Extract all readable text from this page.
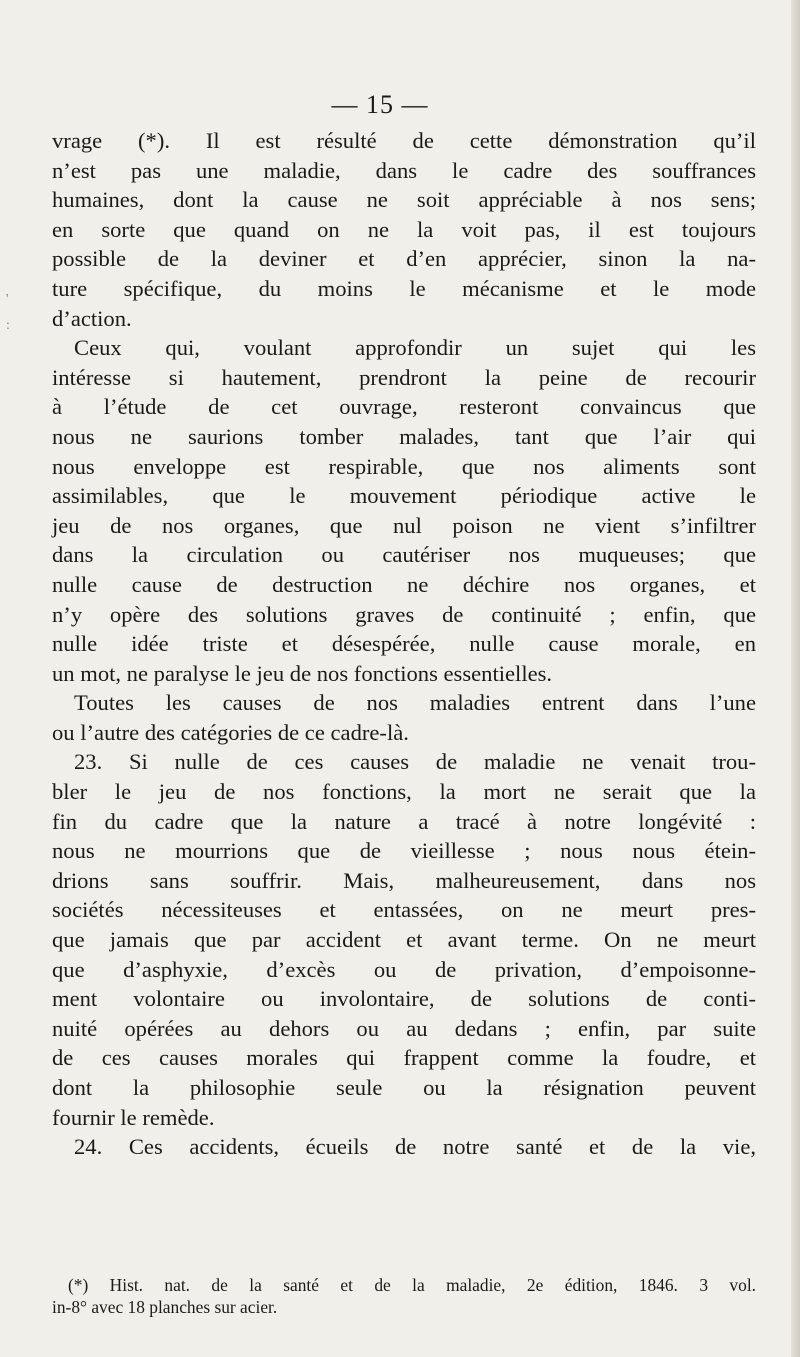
'
:
— 15 —
vrage (*). Il est résulté de cette démonstration qu’il
n’est pas une maladie, dans le cadre des souffrances
humaines, dont la cause ne soit appréciable à nos sens;
en sorte que quand on ne la voit pas, il est toujours
possible de la deviner et d’en apprécier, sinon la na-
ture spécifique, du moins le mécanisme et le mode
d’action.
Ceux qui, voulant approfondir un sujet qui les
intéresse si hautement, prendront la peine de recourir
à l’étude de cet ouvrage, resteront convaincus que
nous ne saurions tomber malades, tant que l’air qui
nous enveloppe est respirable, que nos aliments sont
assimilables, que le mouvement périodique active le
jeu de nos organes, que nul poison ne vient s’infiltrer
dans la circulation ou cautériser nos muqueuses; que
nulle cause de destruction ne déchire nos organes, et
n’y opère des solutions graves de continuité ; enfin, que
nulle idée triste et désespérée, nulle cause morale, en
un mot, ne paralyse le jeu de nos fonctions essentielles.
Toutes les causes de nos maladies entrent dans l’une
ou l’autre des catégories de ce cadre-là.
23. Si nulle de ces causes de maladie ne venait trou-
bler le jeu de nos fonctions, la mort ne serait que la
fin du cadre que la nature a tracé à notre longévité :
nous ne mourrions que de vieillesse ; nous nous étein-
drions sans souffrir. Mais, malheureusement, dans nos
sociétés nécessiteuses et entassées, on ne meurt pres-
que jamais que par accident et avant terme. On ne meurt
que d’asphyxie, d’excès ou de privation, d’empoisonne-
ment volontaire ou involontaire, de solutions de conti-
nuité opérées au dehors ou au dedans ; enfin, par suite
de ces causes morales qui frappent comme la foudre, et
dont la philosophie seule ou la résignation peuvent
fournir le remède.
24. Ces accidents, écueils de notre santé et de la vie,
(*) Hist. nat. de la santé et de la maladie, 2e édition, 1846. 3 vol.
in-8° avec 18 planches sur acier.
